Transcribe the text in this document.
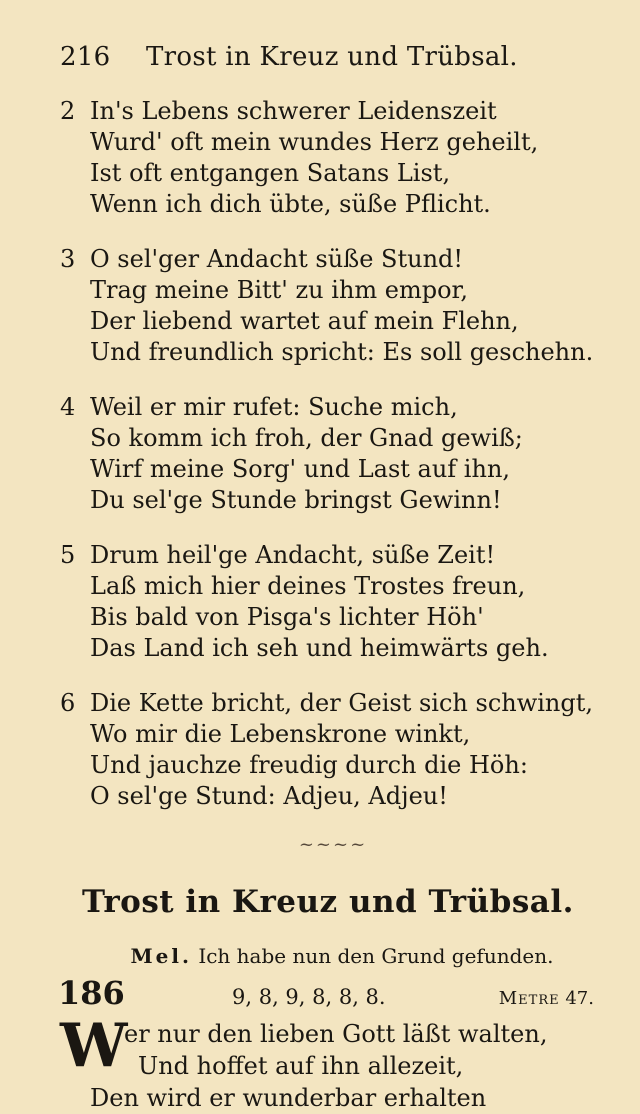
216	Trost in Kreuz und Trübsal.
2 In's Lebens schwerer Leidenszeit
Wurd' oft mein wundes Herz geheilt,
Ist oft entgangen Satans List,
Wenn ich dich übte, süße Pflicht.
3 O sel'ger Andacht süße Stund!
Trag meine Bitt' zu ihm empor,
Der liebend wartet auf mein Flehn,
Und freundlich spricht: Es soll geschehn.
4 Weil er mir rufet: Suche mich,
So komm ich froh, der Gnad gewiß;
Wirf meine Sorg' und Last auf ihn,
Du sel'ge Stunde bringst Gewinn!
5 Drum heil'ge Andacht, süße Zeit!
Laß mich hier deines Trostes freun,
Bis bald von Pisga's lichter Höh'
Das Land ich seh und heimwärts geh.
6 Die Kette bricht, der Geist sich schwingt,
Wo mir die Lebenskrone winkt,
Und jauchze freudig durch die Höh:
O sel'ge Stund: Adjeu, Adjeu!
~~~~
Trost in Kreuz und Trübsal.
Mel. Ich habe nun den Grund gefunden.
186	9, 8, 9, 8, 8, 8.	Metre 47.
W
er nur den lieben Gott läßt walten,
Und hoffet auf ihn allezeit,
Den wird er wunderbar erhalten
